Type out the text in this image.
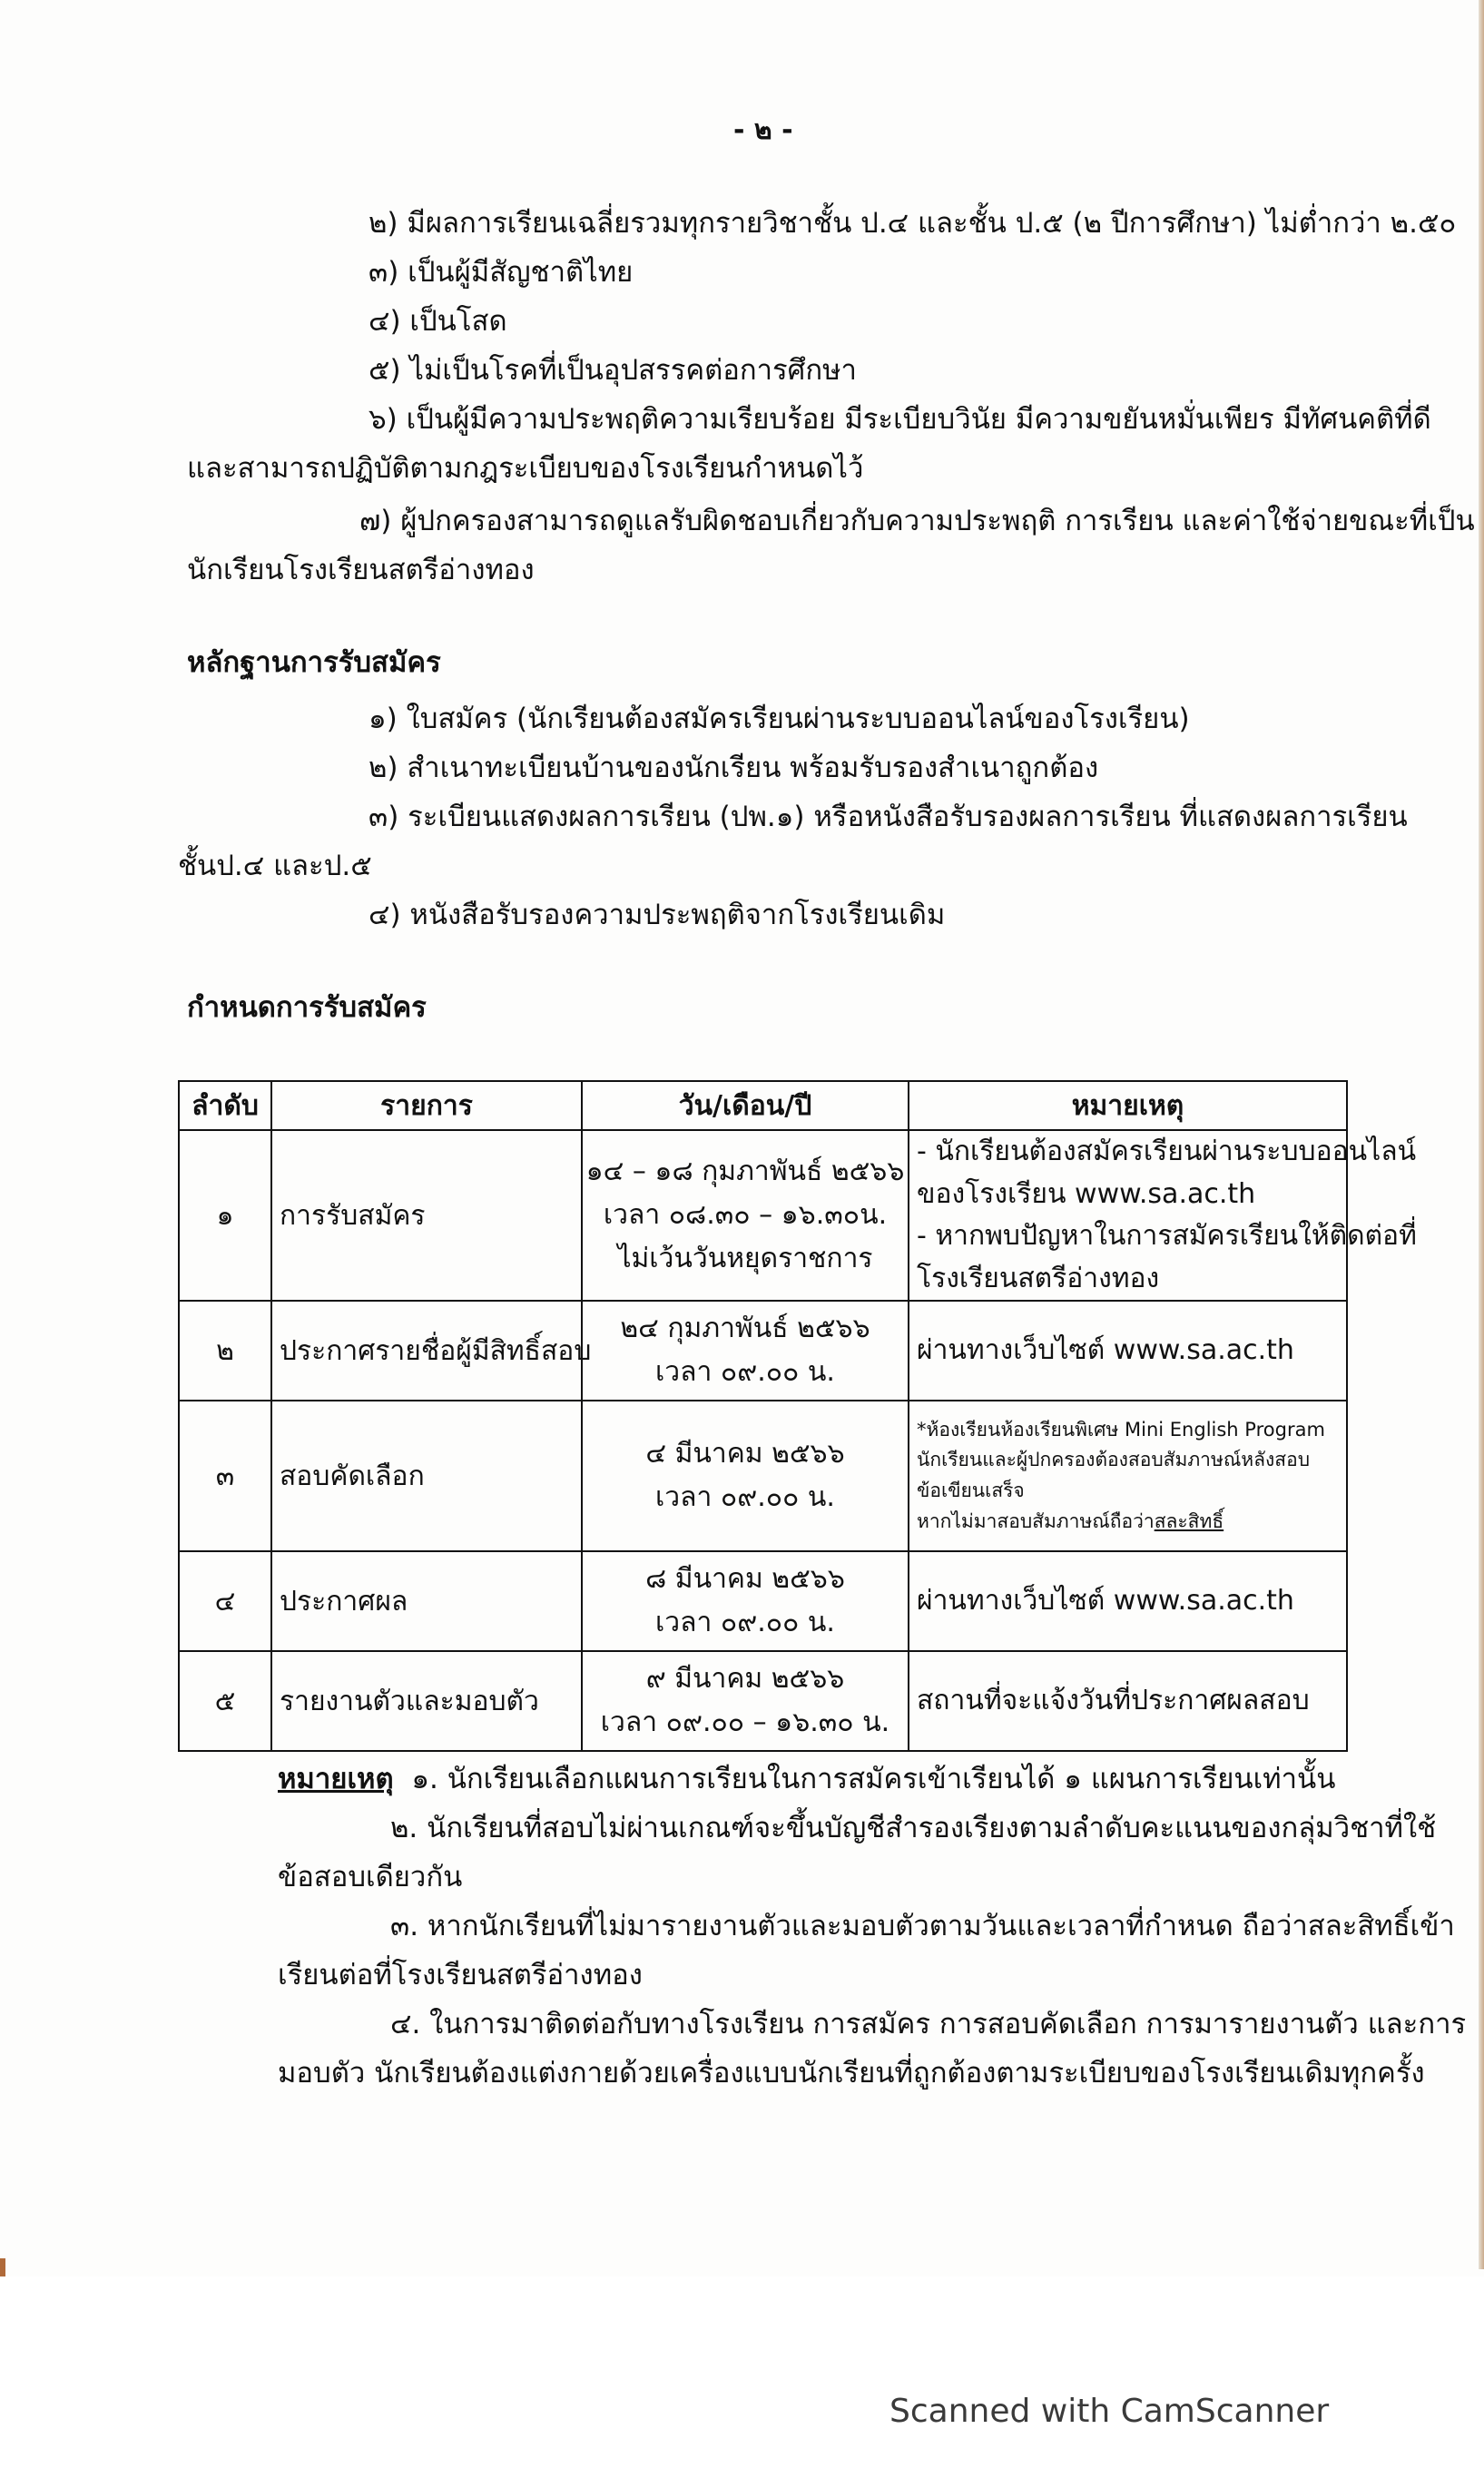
- ๒ -
๒) มีผลการเรียนเฉลี่ยรวมทุกรายวิชาชั้น ป.๔ และชั้น ป.๕ (๒ ปีการศึกษา) ไม่ต่ำกว่า ๒.๕๐
๓) เป็นผู้มีสัญชาติไทย
๔) เป็นโสด
๕) ไม่เป็นโรคที่เป็นอุปสรรคต่อการศึกษา
๖) เป็นผู้มีความประพฤติความเรียบร้อย มีระเบียบวินัย มีความขยันหมั่นเพียร มีทัศนคติที่ดี
และสามารถปฏิบัติตามกฎระเบียบของโรงเรียนกำหนดไว้
๗) ผู้ปกครองสามารถดูแลรับผิดชอบเกี่ยวกับความประพฤติ การเรียน และค่าใช้จ่ายขณะที่เป็น
นักเรียนโรงเรียนสตรีอ่างทอง
หลักฐานการรับสมัคร
๑) ใบสมัคร (นักเรียนต้องสมัครเรียนผ่านระบบออนไลน์ของโรงเรียน)
๒) สำเนาทะเบียนบ้านของนักเรียน พร้อมรับรองสำเนาถูกต้อง
๓) ระเบียนแสดงผลการเรียน (ปพ.๑) หรือหนังสือรับรองผลการเรียน ที่แสดงผลการเรียน
ชั้นป.๔ และป.๕
๔) หนังสือรับรองความประพฤติจากโรงเรียนเดิม
กำหนดการรับสมัคร
ลำดับ	รายการ	วัน/เดือน/ปี	หมายเหตุ
๑	การรับสมัคร	๑๔ – ๑๘ กุมภาพันธ์ ๒๕๖๖
เวลา ๐๘.๓๐ – ๑๖.๓๐น.
ไม่เว้นวันหยุดราชการ	- นักเรียนต้องสมัครเรียนผ่านระบบออนไลน์
ของโรงเรียน www.sa.ac.th
- หากพบปัญหาในการสมัครเรียนให้ติดต่อที่
โรงเรียนสตรีอ่างทอง

๒	ประกาศรายชื่อผู้มีสิทธิ์สอบ	๒๔ กุมภาพันธ์ ๒๕๖๖
เวลา ๐๙.๐๐ น.	ผ่านทางเว็บไซต์ www.sa.ac.th

๓	สอบคัดเลือก	๔ มีนาคม ๒๕๖๖
เวลา ๐๙.๐๐ น.	*ห้องเรียนห้องเรียนพิเศษ Mini English Program
นักเรียนและผู้ปกครองต้องสอบสัมภาษณ์หลังสอบ
ข้อเขียนเสร็จ
หากไม่มาสอบสัมภาษณ์ถือว่าสละสิทธิ์

๔	ประกาศผล	๘ มีนาคม ๒๕๖๖
เวลา ๐๙.๐๐ น.	ผ่านทางเว็บไซต์ www.sa.ac.th

๕	รายงานตัวและมอบตัว	๙ มีนาคม ๒๕๖๖
เวลา ๐๙.๐๐ – ๑๖.๓๐ น.	สถานที่จะแจ้งวันที่ประกาศผลสอบ
หมายเหตุ ๑. นักเรียนเลือกแผนการเรียนในการสมัครเข้าเรียนได้ ๑ แผนการเรียนเท่านั้น
๒. นักเรียนที่สอบไม่ผ่านเกณฑ์จะขึ้นบัญชีสำรองเรียงตามลำดับคะแนนของกลุ่มวิชาที่ใช้
ข้อสอบเดียวกัน
๓. หากนักเรียนที่ไม่มารายงานตัวและมอบตัวตามวันและเวลาที่กำหนด ถือว่าสละสิทธิ์เข้า
เรียนต่อที่โรงเรียนสตรีอ่างทอง
๔. ในการมาติดต่อกับทางโรงเรียน การสมัคร การสอบคัดเลือก การมารายงานตัว และการ
มอบตัว นักเรียนต้องแต่งกายด้วยเครื่องแบบนักเรียนที่ถูกต้องตามระเบียบของโรงเรียนเดิมทุกครั้ง
Scanned with CamScanner
